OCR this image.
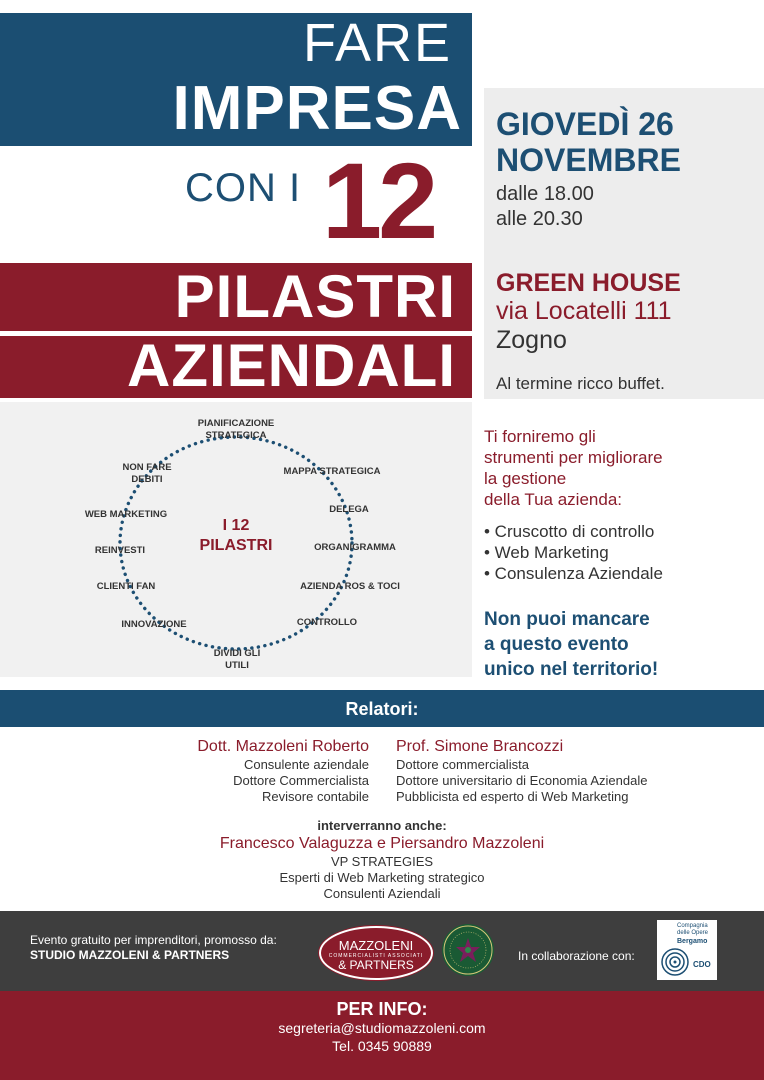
FARE
IMPRESA
CON I 12
PILASTRI
AZIENDALI
GIOVEDÌ 26
NOVEMBRE
dalle 18.00
alle 20.30
GREEN HOUSE
via Locatelli 111
Zogno
Al termine ricco buffet.
I 12
PILASTRI
PIANIFICAZIONE STRATEGICA
MAPPA STRATEGICA
DELEGA
ORGANIGRAMMA
AZIENDA ROS & TOCI
CONTROLLO
DIVIDI GLI UTILI
INNOVAZIONE
CLIENTI FAN
REINVESTI
WEB MARKETING
NON FARE DEBITI
Ti forniremo gli
strumenti per migliorare
la gestione
della Tua azienda:
• Cruscotto di controllo
• Web Marketing
• Consulenza Aziendale
Non puoi mancare
a questo evento
unico nel territorio!
Relatori:
Dott. Mazzoleni Roberto
Consulente aziendale
Dottore Commercialista
Revisore contabile
Prof. Simone Brancozzi
Dottore commercialista
Dottore universitario di Economia Aziendale
Pubblicista ed esperto di Web Marketing
interverranno anche:
Francesco Valaguzza e Piersandro Mazzoleni
VP STRATEGIES
Esperti di Web Marketing strategico
Consulenti Aziendali
Evento gratuito per imprenditori, promosso da:
STUDIO MAZZOLENI & PARTNERS
MAZZOLENI
COMMERCIALISTI ASSOCIATI
& PARTNERS
In collaborazione con:
Compagnia
delle Opere
Bergamo
CDO
PER INFO:
segreteria@studiomazzoleni.com
Tel. 0345 90889
